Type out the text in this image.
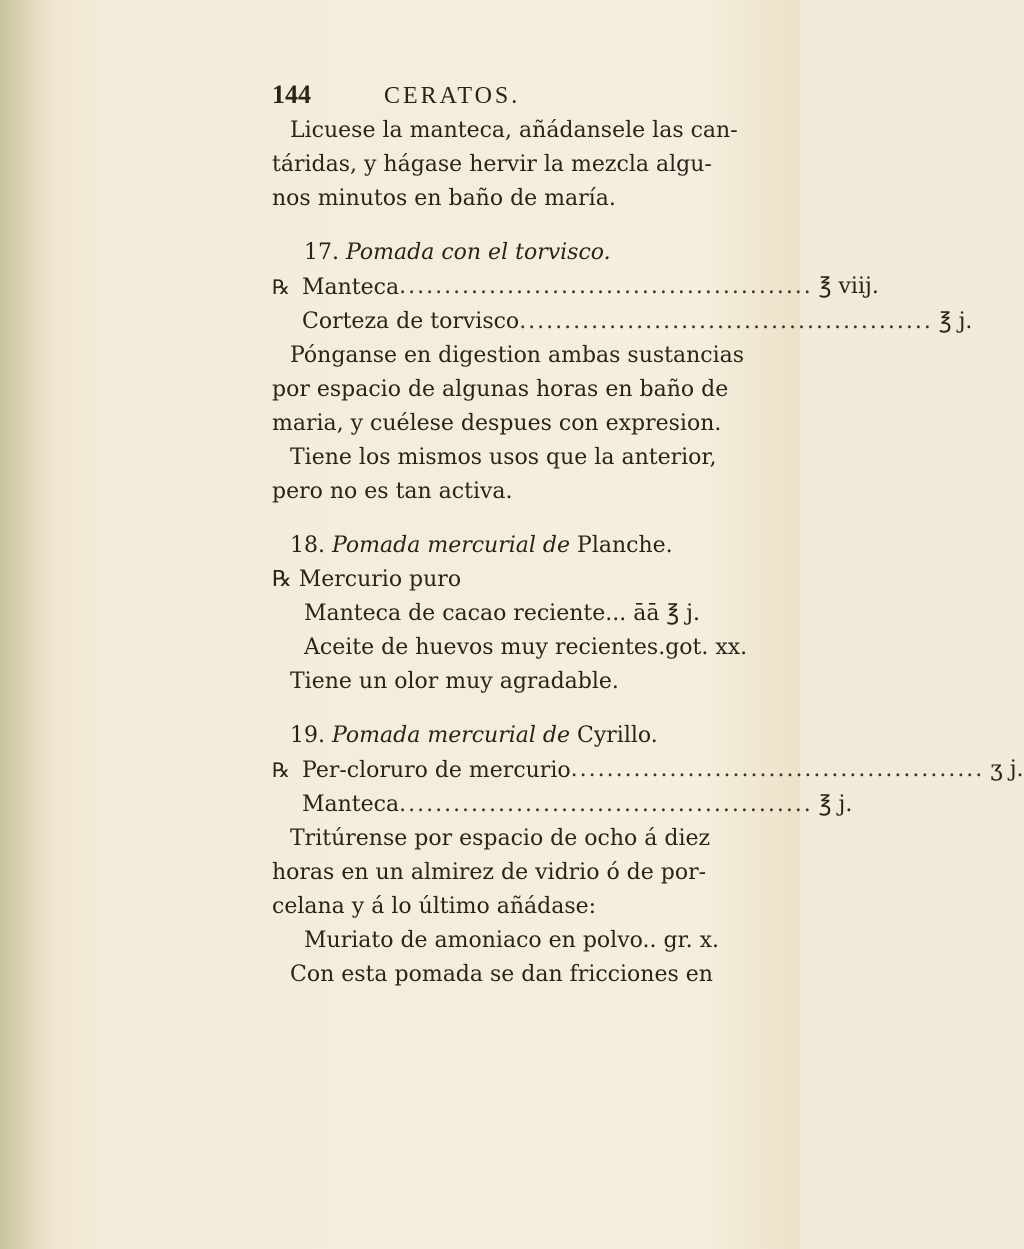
144	CERATOS.
Licuese la manteca, añádansele las can-
táridas, y hágase hervir la mezcla algu-
nos minutos en baño de maría.
17. Pomada con el torvisco.
℞ Manteca .............................................. ℥ viij.
Corteza de torvisco .............................................. ℥ j.
Pónganse en digestion ambas sustancias
por espacio de algunas horas en baño de
maria, y cuélese despues con expresion.
Tiene los mismos usos que la anterior,
pero no es tan activa.
18. Pomada mercurial de Planche.
℞ Mercurio puro
Manteca de cacao reciente... āā ℥ j.
Aceite de huevos muy recientes.got. xx.
Tiene un olor muy agradable.
19. Pomada mercurial de Cyrillo.
℞ Per-cloruro de mercurio .............................................. ʒ j.
Manteca .............................................. ℥ j.
Tritúrense por espacio de ocho á diez
horas en un almirez de vidrio ó de por-
celana y á lo último añádase:
Muriato de amoniaco en polvo.. gr. x.
Con esta pomada se dan fricciones en
